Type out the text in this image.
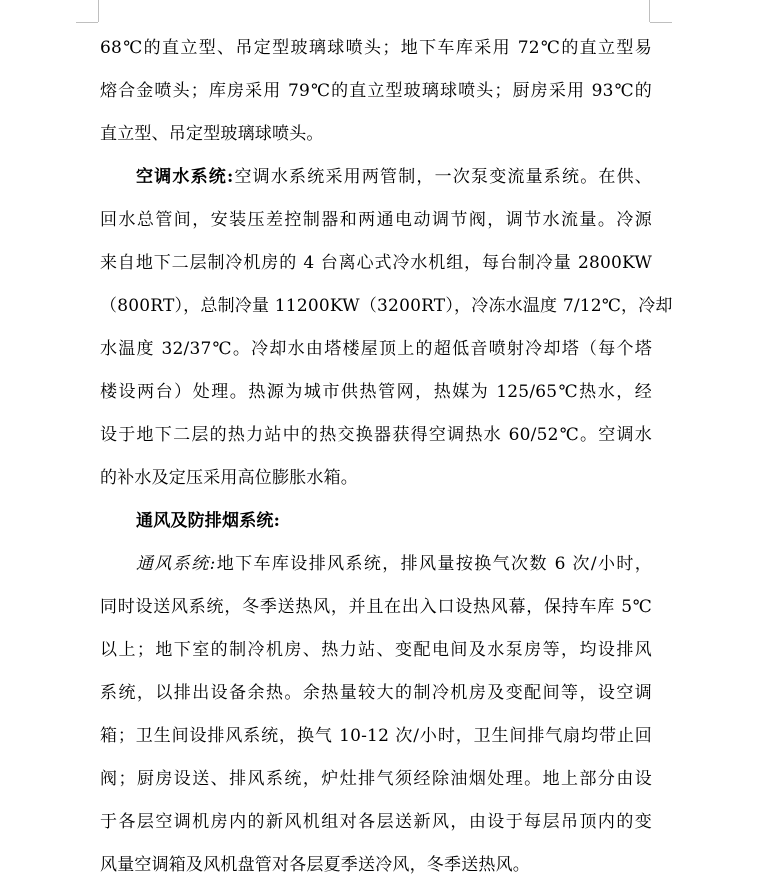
68℃的直立型、吊定型玻璃球喷头；地下车库采用 72℃的直立型易
熔合金喷头；库房采用 79℃的直立型玻璃球喷头；厨房采用 93℃的
直立型、吊定型玻璃球喷头。
空调水系统:空调水系统采用两管制，一次泵变流量系统。在供、
回水总管间，安装压差控制器和两通电动调节阀，调节水流量。冷源
来自地下二层制冷机房的 4 台离心式冷水机组，每台制冷量 2800KW
（800RT），总制冷量 11200KW（3200RT），冷冻水温度 7/12℃，冷却
水温度 32/37℃。冷却水由塔楼屋顶上的超低音喷射冷却塔（每个塔
楼设两台）处理。热源为城市供热管网，热媒为 125/65℃热水，经
设于地下二层的热力站中的热交换器获得空调热水 60/52℃。空调水
的补水及定压采用高位膨胀水箱。
通风及防排烟系统:
通风系统:地下车库设排风系统，排风量按换气次数 6 次/小时，
同时设送风系统，冬季送热风，并且在出入口设热风幕，保持车库 5℃
以上；地下室的制冷机房、热力站、变配电间及水泵房等，均设排风
系统，以排出设备余热。余热量较大的制冷机房及变配间等，设空调
箱；卫生间设排风系统，换气 10-12 次/小时，卫生间排气扇均带止回
阀；厨房设送、排风系统，炉灶排气须经除油烟处理。地上部分由设
于各层空调机房内的新风机组对各层送新风，由设于每层吊顶内的变
风量空调箱及风机盘管对各层夏季送冷风，冬季送热风。
